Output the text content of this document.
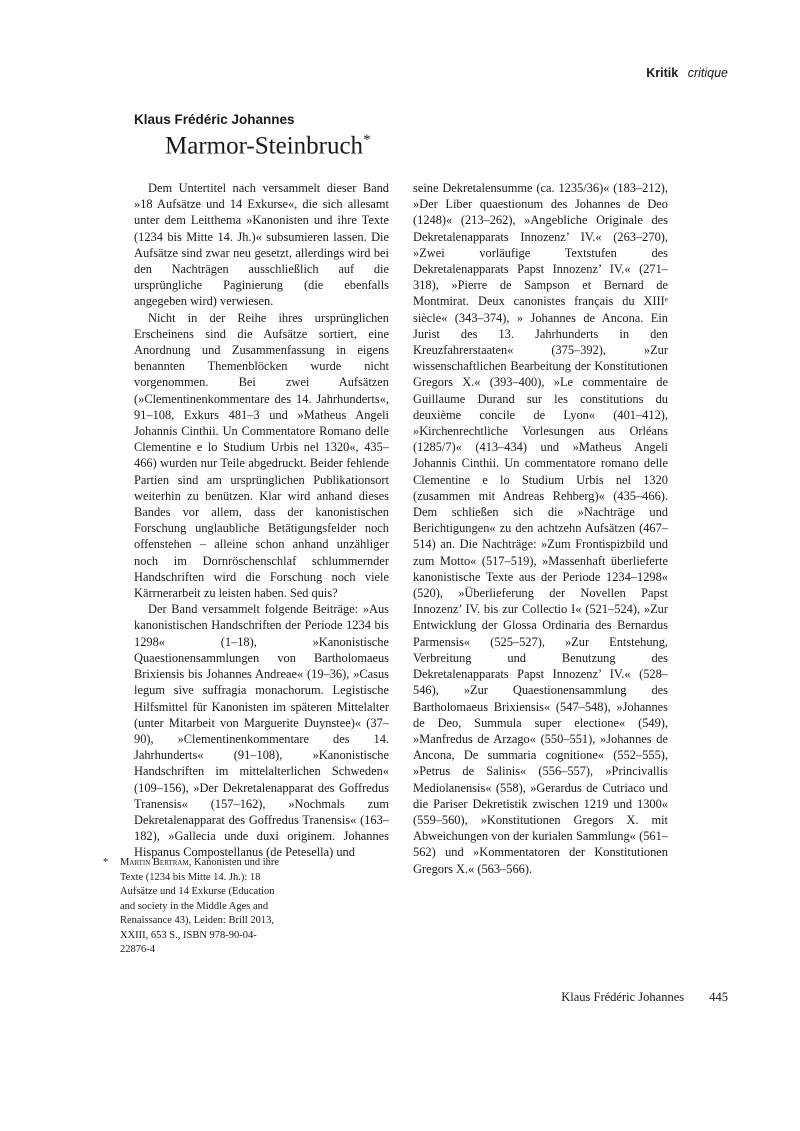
Kritik critique
Klaus Frédéric Johannes
Marmor-Steinbruch*

Dem Untertitel nach versammelt dieser Band »18 Aufsätze und 14 Exkurse«, die sich allesamt unter dem Leitthema »Kanonisten und ihre Texte (1234 bis Mitte 14. Jh.)« subsumieren lassen. Die Aufsätze sind zwar neu gesetzt, allerdings wird bei den Nachträgen ausschließlich auf die ursprüngliche Paginierung (die ebenfalls angegeben wird) verwiesen.

Nicht in der Reihe ihres ursprünglichen Erscheinens sind die Aufsätze sortiert, eine Anordnung und Zusammenfassung in eigens benannten Themenblöcken wurde nicht vorgenommen. Bei zwei Aufsätzen (»Clementinenkommentare des 14. Jahrhunderts«, 91–108, Exkurs 481–3 und »Matheus Angeli Johannis Cinthii. Un Commentatore Romano delle Clementine e lo Studium Urbis nel 1320«, 435–466) wurden nur Teile abgedruckt. Beider fehlende Partien sind am ursprünglichen Publikationsort weiterhin zu benützen. Klar wird anhand dieses Bandes vor allem, dass der kanonistischen Forschung unglaubliche Betätigungsfelder noch offenstehen – alleine schon anhand unzähliger noch im Dornröschenschlaf schlummernder Handschriften wird die Forschung noch viele Kärrnerarbeit zu leisten haben. Sed quis?

Der Band versammelt folgende Beiträge: »Aus kanonistischen Handschriften der Periode 1234 bis 1298« (1–18), »Kanonistische Quaestionensammlungen von Bartholomaeus Brixiensis bis Johannes Andreae« (19–36), »Casus legum sive suffragia monachorum. Legistische Hilfsmittel für Kanonisten im späteren Mittelalter (unter Mitarbeit von Marguerite Duynstee)« (37–90), »Clementinenkommentare des 14. Jahrhunderts« (91–108), »Kanonistische Handschriften im mittelalterlichen Schweden« (109–156), »Der Dekretalenapparat des Goffredus Tranensis« (157–162), »Nochmals zum Dekretalenapparat des Goffredus Tranensis« (163–182), »Gallecia unde duxi originem. Johannes Hispanus Compostellanus (de Petesella) und

seine Dekretalensumme (ca. 1235/36)« (183–212), »Der Liber quaestionum des Johannes de Deo (1248)« (213–262), »Angebliche Originale des Dekretalenapparats Innozenz’ IV.« (263–270), »Zwei vorläufige Textstufen des Dekretalenapparats Papst Innozenz’ IV.« (271–318), »Pierre de Sampson et Bernard de Montmirat. Deux canonistes français du XIIIᵉ siècle« (343–374), » Johannes de Ancona. Ein Jurist des 13. Jahrhunderts in den Kreuzfahrerstaaten« (375–392), »Zur wissenschaftlichen Bearbeitung der Konstitutionen Gregors X.« (393–400), »Le commentaire de Guillaume Durand sur les constitutions du deuxième concile de Lyon« (401–412), »Kirchenrechtliche Vorlesungen aus Orléans (1285/7)« (413–434) und »Matheus Angeli Johannis Cinthii. Un commentatore romano delle Clementine e lo Studium Urbis nel 1320 (zusammen mit Andreas Rehberg)« (435–466). Dem schließen sich die »Nachträge und Berichtigungen« zu den achtzehn Aufsätzen (467–514) an. Die Nachträge: »Zum Frontispizbild und zum Motto« (517–519), »Massenhaft überlieferte kanonistische Texte aus der Periode 1234–1298« (520), »Überlieferung der Novellen Papst Innozenz’ IV. bis zur Collectio I« (521–524), »Zur Entwicklung der Glossa Ordinaria des Bernardus Parmensis« (525–527), »Zur Entstehung, Verbreitung und Benutzung des Dekretalenapparats Papst Innozenz’ IV.« (528–546), »Zur Quaestionensammlung des Bartholomaeus Brixiensis« (547–548), »Johannes de Deo, Summula super electione« (549), »Manfredus de Arzago« (550–551), »Johannes de Ancona, De summaria cognitione« (552–555), »Petrus de Salinis« (556–557), »Princivallis Mediolanensis« (558), »Gerardus de Cutriaco und die Pariser Dekretistik zwischen 1219 und 1300« (559–560), »Konstitutionen Gregors X. mit Abweichungen von der kurialen Sammlung« (561–562) und »Kommentatoren der Konstitutionen Gregors X.« (563–566).

* Martin Bertram, Kanonisten und ihre Texte (1234 bis Mitte 14. Jh.): 18 Aufsätze und 14 Exkurse (Education and society in the Middle Ages and Renaissance 43), Leiden: Brill 2013, XXIII, 653 S., ISBN 978-90-04-22876-4
Klaus Frédéric Johannes 445
